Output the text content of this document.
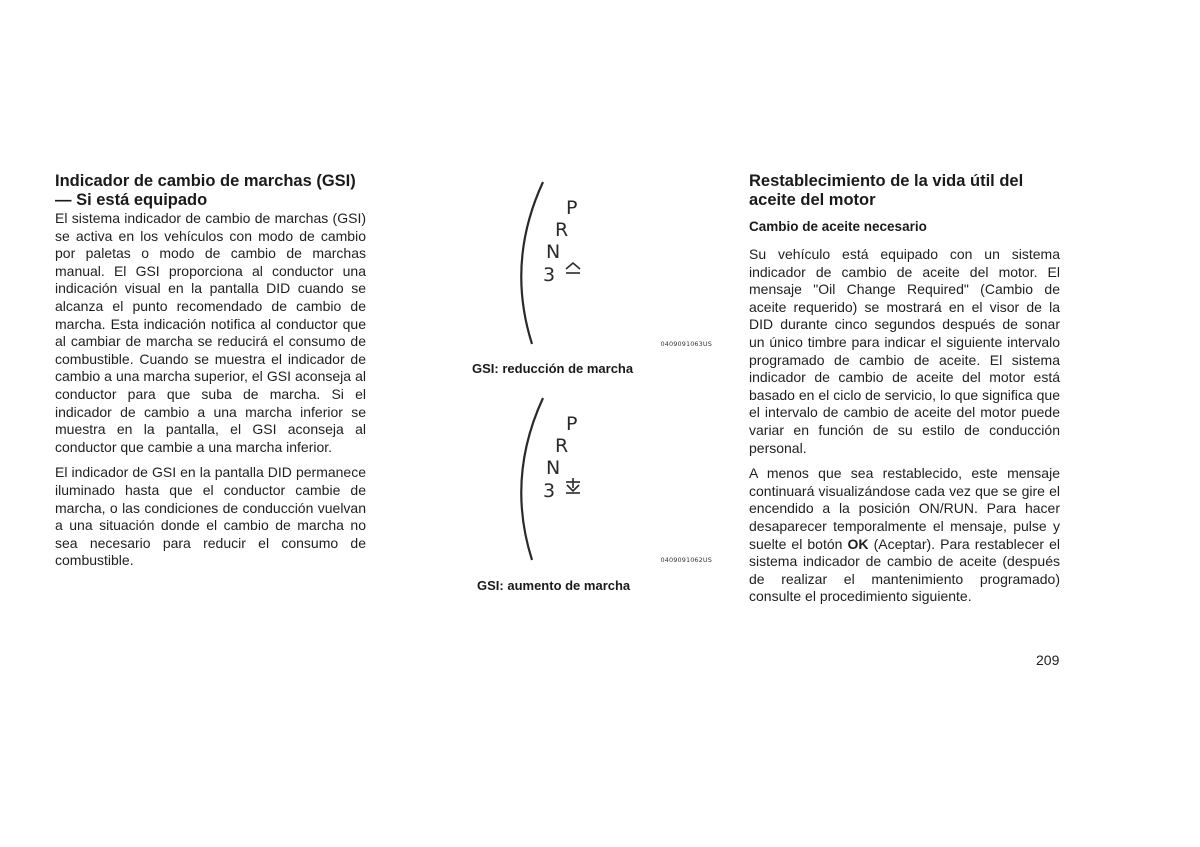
Indicador de cambio de marchas (GSI) — Si está equipado

El sistema indicador de cambio de marchas (GSI) se activa en los vehículos con modo de cambio por paletas o modo de cambio de marchas manual. El GSI proporciona al conductor una indicación visual en la pantalla DID cuando se alcanza el punto recomendado de cambio de marcha. Esta indicación notifica al conductor que al cambiar de marcha se reducirá el consumo de combustible. Cuando se muestra el indicador de cambio a una marcha superior, el GSI aconseja al conductor para que suba de marcha. Si el indicador de cambio a una marcha inferior se muestra en la pantalla, el GSI aconseja al conductor que cambie a una marcha inferior.

El indicador de GSI en la pantalla DID permanece iluminado hasta que el conductor cambie de marcha, o las condiciones de conducción vuelvan a una situación donde el cambio de marcha no sea necesario para reducir el consumo de combustible.

P
R
N
3
0409091063US
GSI: reducción de marcha
P
R
N
3
0409091062US
GSI: aumento de marcha
Restablecimiento de la vida útil del aceite del motor
Cambio de aceite necesario

Su vehículo está equipado con un sistema indicador de cambio de aceite del motor. El mensaje "Oil Change Required" (Cambio de aceite requerido) se mostrará en el visor de la DID durante cinco segundos después de sonar un único timbre para indicar el siguiente intervalo programado de cambio de aceite. El sistema indicador de cambio de aceite del motor está basado en el ciclo de servicio, lo que significa que el intervalo de cambio de aceite del motor puede variar en función de su estilo de conducción personal.

A menos que sea restablecido, este mensaje continuará visualizándose cada vez que se gire el encendido a la posición ON/RUN. Para hacer desaparecer temporalmente el mensaje, pulse y suelte el botón OK (Aceptar). Para restablecer el sistema indicador de cambio de aceite (después de realizar el mantenimiento programado) consulte el procedimiento siguiente.

209
